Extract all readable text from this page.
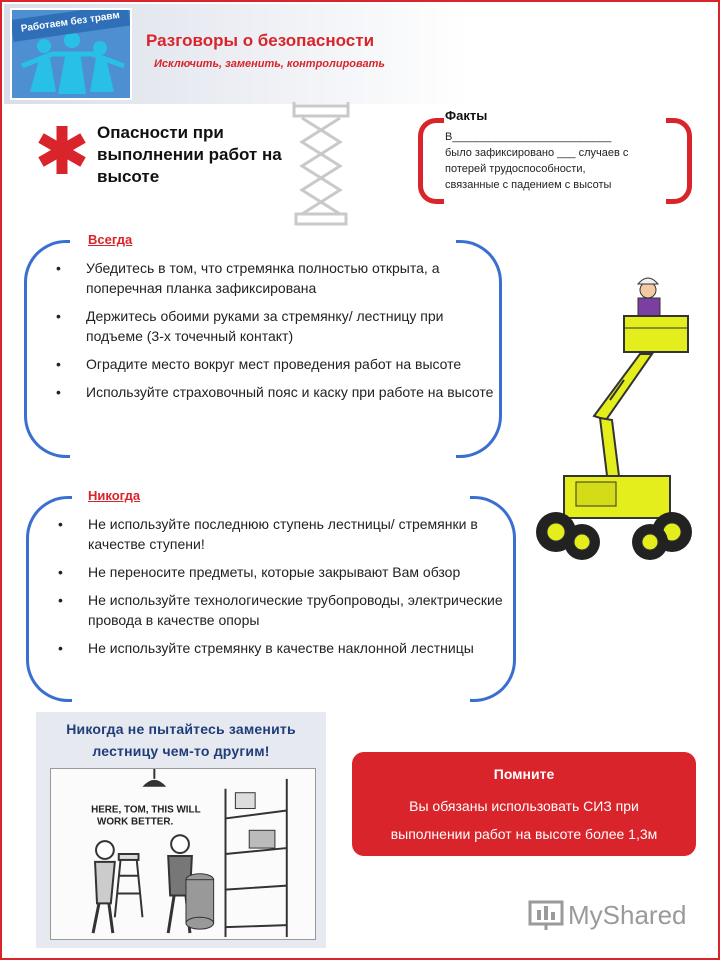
Работаем без травм
Разговоры о безопасности
Исключить, заменить, контролировать
Опасности при выполнении работ на высоте
Факты
В__________________________
было зафиксировано ___ случаев с
потерей трудоспособности,
связанные с падением с высоты
Всегда
• Убедитесь в том, что стремянка полностью открыта, а поперечная планка зафиксирована
• Держитесь обоими руками за стремянку/ лестницу при подъеме (3-х точечный контакт)
• Оградите место вокруг мест проведения работ на высоте
• Используйте страховочный пояс и каску при работе на высоте
Никогда
• Не используйте последнюю ступень лестницы/ стремянки в качестве ступени!
• Не переносите предметы, которые закрывают Вам обзор
• Не используйте технологические трубопроводы, электрические провода в качестве опоры
• Не используйте стремянку в качестве наклонной лестницы
Никогда не пытайтесь заменить лестницу чем-то другим!
HERE, TOM, THIS WILL
WORK BETTER.
Помните
Вы обязаны использовать СИЗ при
выполнении работ на высоте более 1,3м
MyShared
